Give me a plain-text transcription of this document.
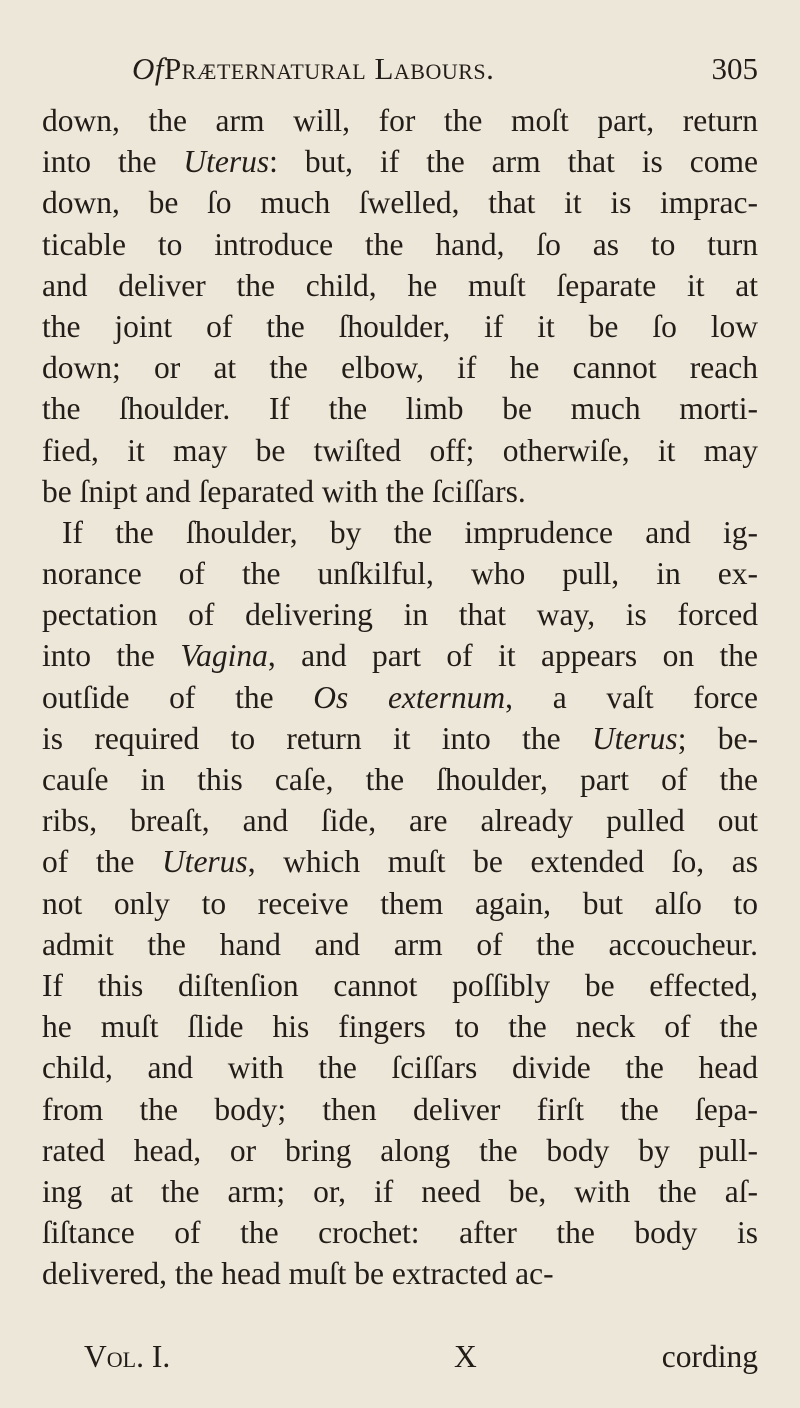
OfPræternatural Labours.	305
down, the arm will, for the moſt part, return
into the Uterus: but, if the arm that is come
down, be ſo much ſwelled, that it is imprac-
ticable to introduce the hand, ſo as to turn
and deliver the child, he muſt ſeparate it at
the joint of the ſhoulder, if it be ſo low
down; or at the elbow, if he cannot reach
the ſhoulder. If the limb be much morti-
fied, it may be twiſted off; otherwiſe, it may
be ſnipt and ſeparated with the ſciſſars.
If the ſhoulder, by the imprudence and ig-
norance of the unſkilful, who pull, in ex-
pectation of delivering in that way, is forced
into the Vagina, and part of it appears on the
outſide of the Os externum, a vaſt force
is required to return it into the Uterus; be-
cauſe in this caſe, the ſhoulder, part of the
ribs, breaſt, and ſide, are already pulled out
of the Uterus, which muſt be extended ſo, as
not only to receive them again, but alſo to
admit the hand and arm of the accoucheur.
If this diſtenſion cannot poſſibly be effected,
he muſt ſlide his fingers to the neck of the
child, and with the ſciſſars divide the head
from the body; then deliver firſt the ſepa-
rated head, or bring along the body by pull-
ing at the arm; or, if need be, with the aſ-
ſiſtance of the crochet: after the body is
delivered, the head muſt be extracted ac-
Vol. I.	X	cording
